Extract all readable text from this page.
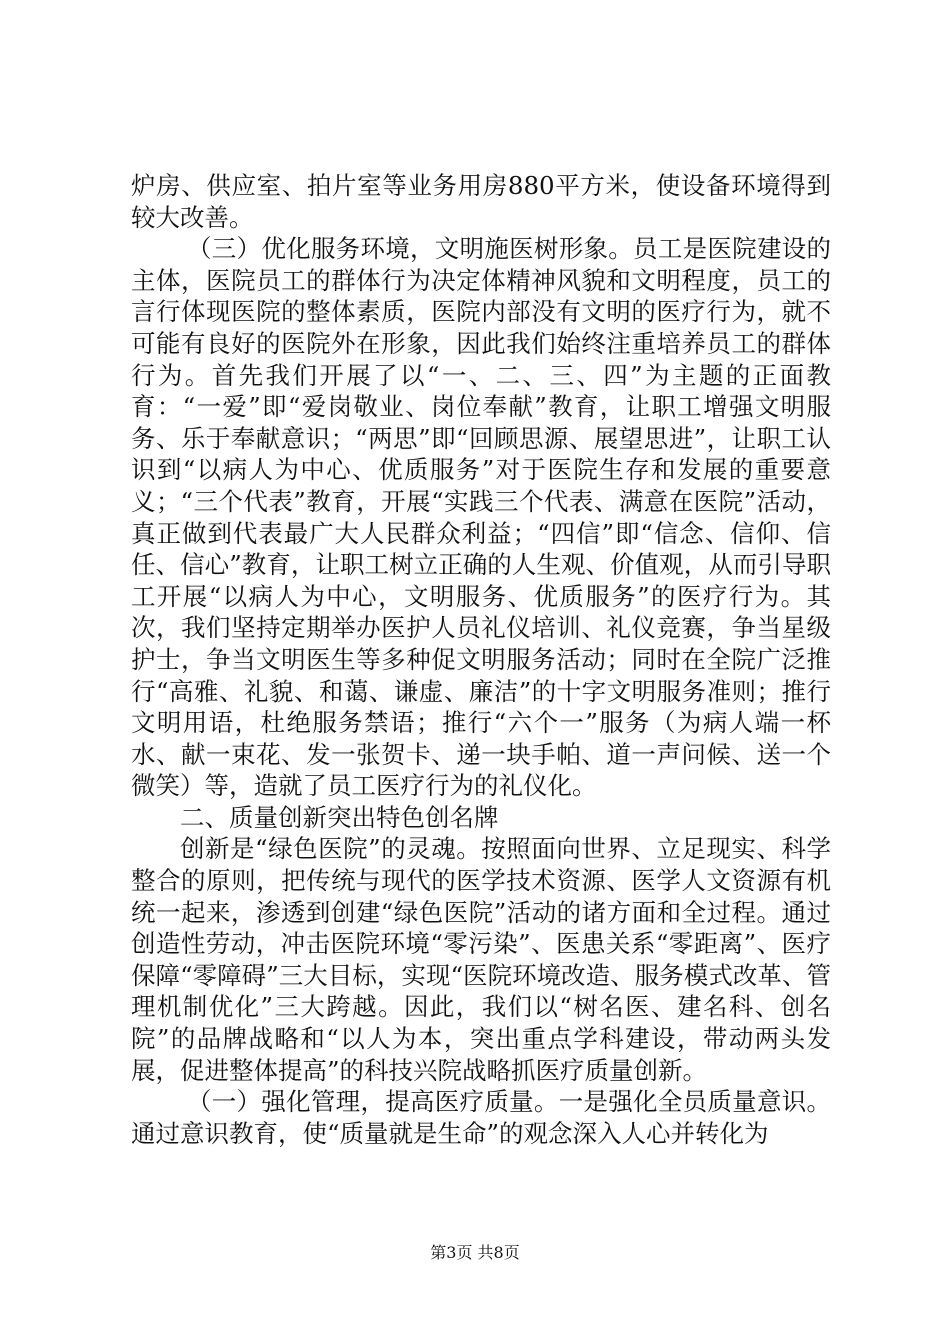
炉房、供应室、拍片室等业务用房880平方米，使设备环境得到较大改善。

（三）优化服务环境，文明施医树形象。员工是医院建设的主体，医院员工的群体行为决定体精神风貌和文明程度，员工的言行体现医院的整体素质，医院内部没有文明的医疗行为，就不可能有良好的医院外在形象，因此我们始终注重培养员工的群体行为。首先我们开展了以“一、二、三、四”为主题的正面教育：“一爱”即“爱岗敬业、岗位奉献”教育，让职工增强文明服务、乐于奉献意识；“两思”即“回顾思源、展望思进”，让职工认识到“以病人为中心、优质服务”对于医院生存和发展的重要意义；“三个代表”教育，开展“实践三个代表、满意在医院”活动，真正做到代表最广大人民群众利益；“四信”即“信念、信仰、信任、信心”教育，让职工树立正确的人生观、价值观，从而引导职工开展“以病人为中心，文明服务、优质服务”的医疗行为。其次，我们坚持定期举办医护人员礼仪培训、礼仪竞赛，争当星级护士，争当文明医生等多种促文明服务活动；同时在全院广泛推行“高雅、礼貌、和蔼、谦虚、廉洁”的十字文明服务准则；推行文明用语，杜绝服务禁语；推行“六个一”服务（为病人端一杯水、献一束花、发一张贺卡、递一块手帕、道一声问候、送一个微笑）等，造就了员工医疗行为的礼仪化。

二、质量创新突出特色创名牌

创新是“绿色医院”的灵魂。按照面向世界、立足现实、科学整合的原则，把传统与现代的医学技术资源、医学人文资源有机统一起来，渗透到创建“绿色医院”活动的诸方面和全过程。通过创造性劳动，冲击医院环境“零污染”、医患关系“零距离”、医疗保障“零障碍”三大目标，实现“医院环境改造、服务模式改革、管理机制优化”三大跨越。因此，我们以“树名医、建名科、创名院”的品牌战略和“以人为本，突出重点学科建设，带动两头发展，促进整体提高”的科技兴院战略抓医疗质量创新。

（一）强化管理，提高医疗质量。一是强化全员质量意识。通过意识教育，使“质量就是生命”的观念深入人心并转化为

第3页 共8页
